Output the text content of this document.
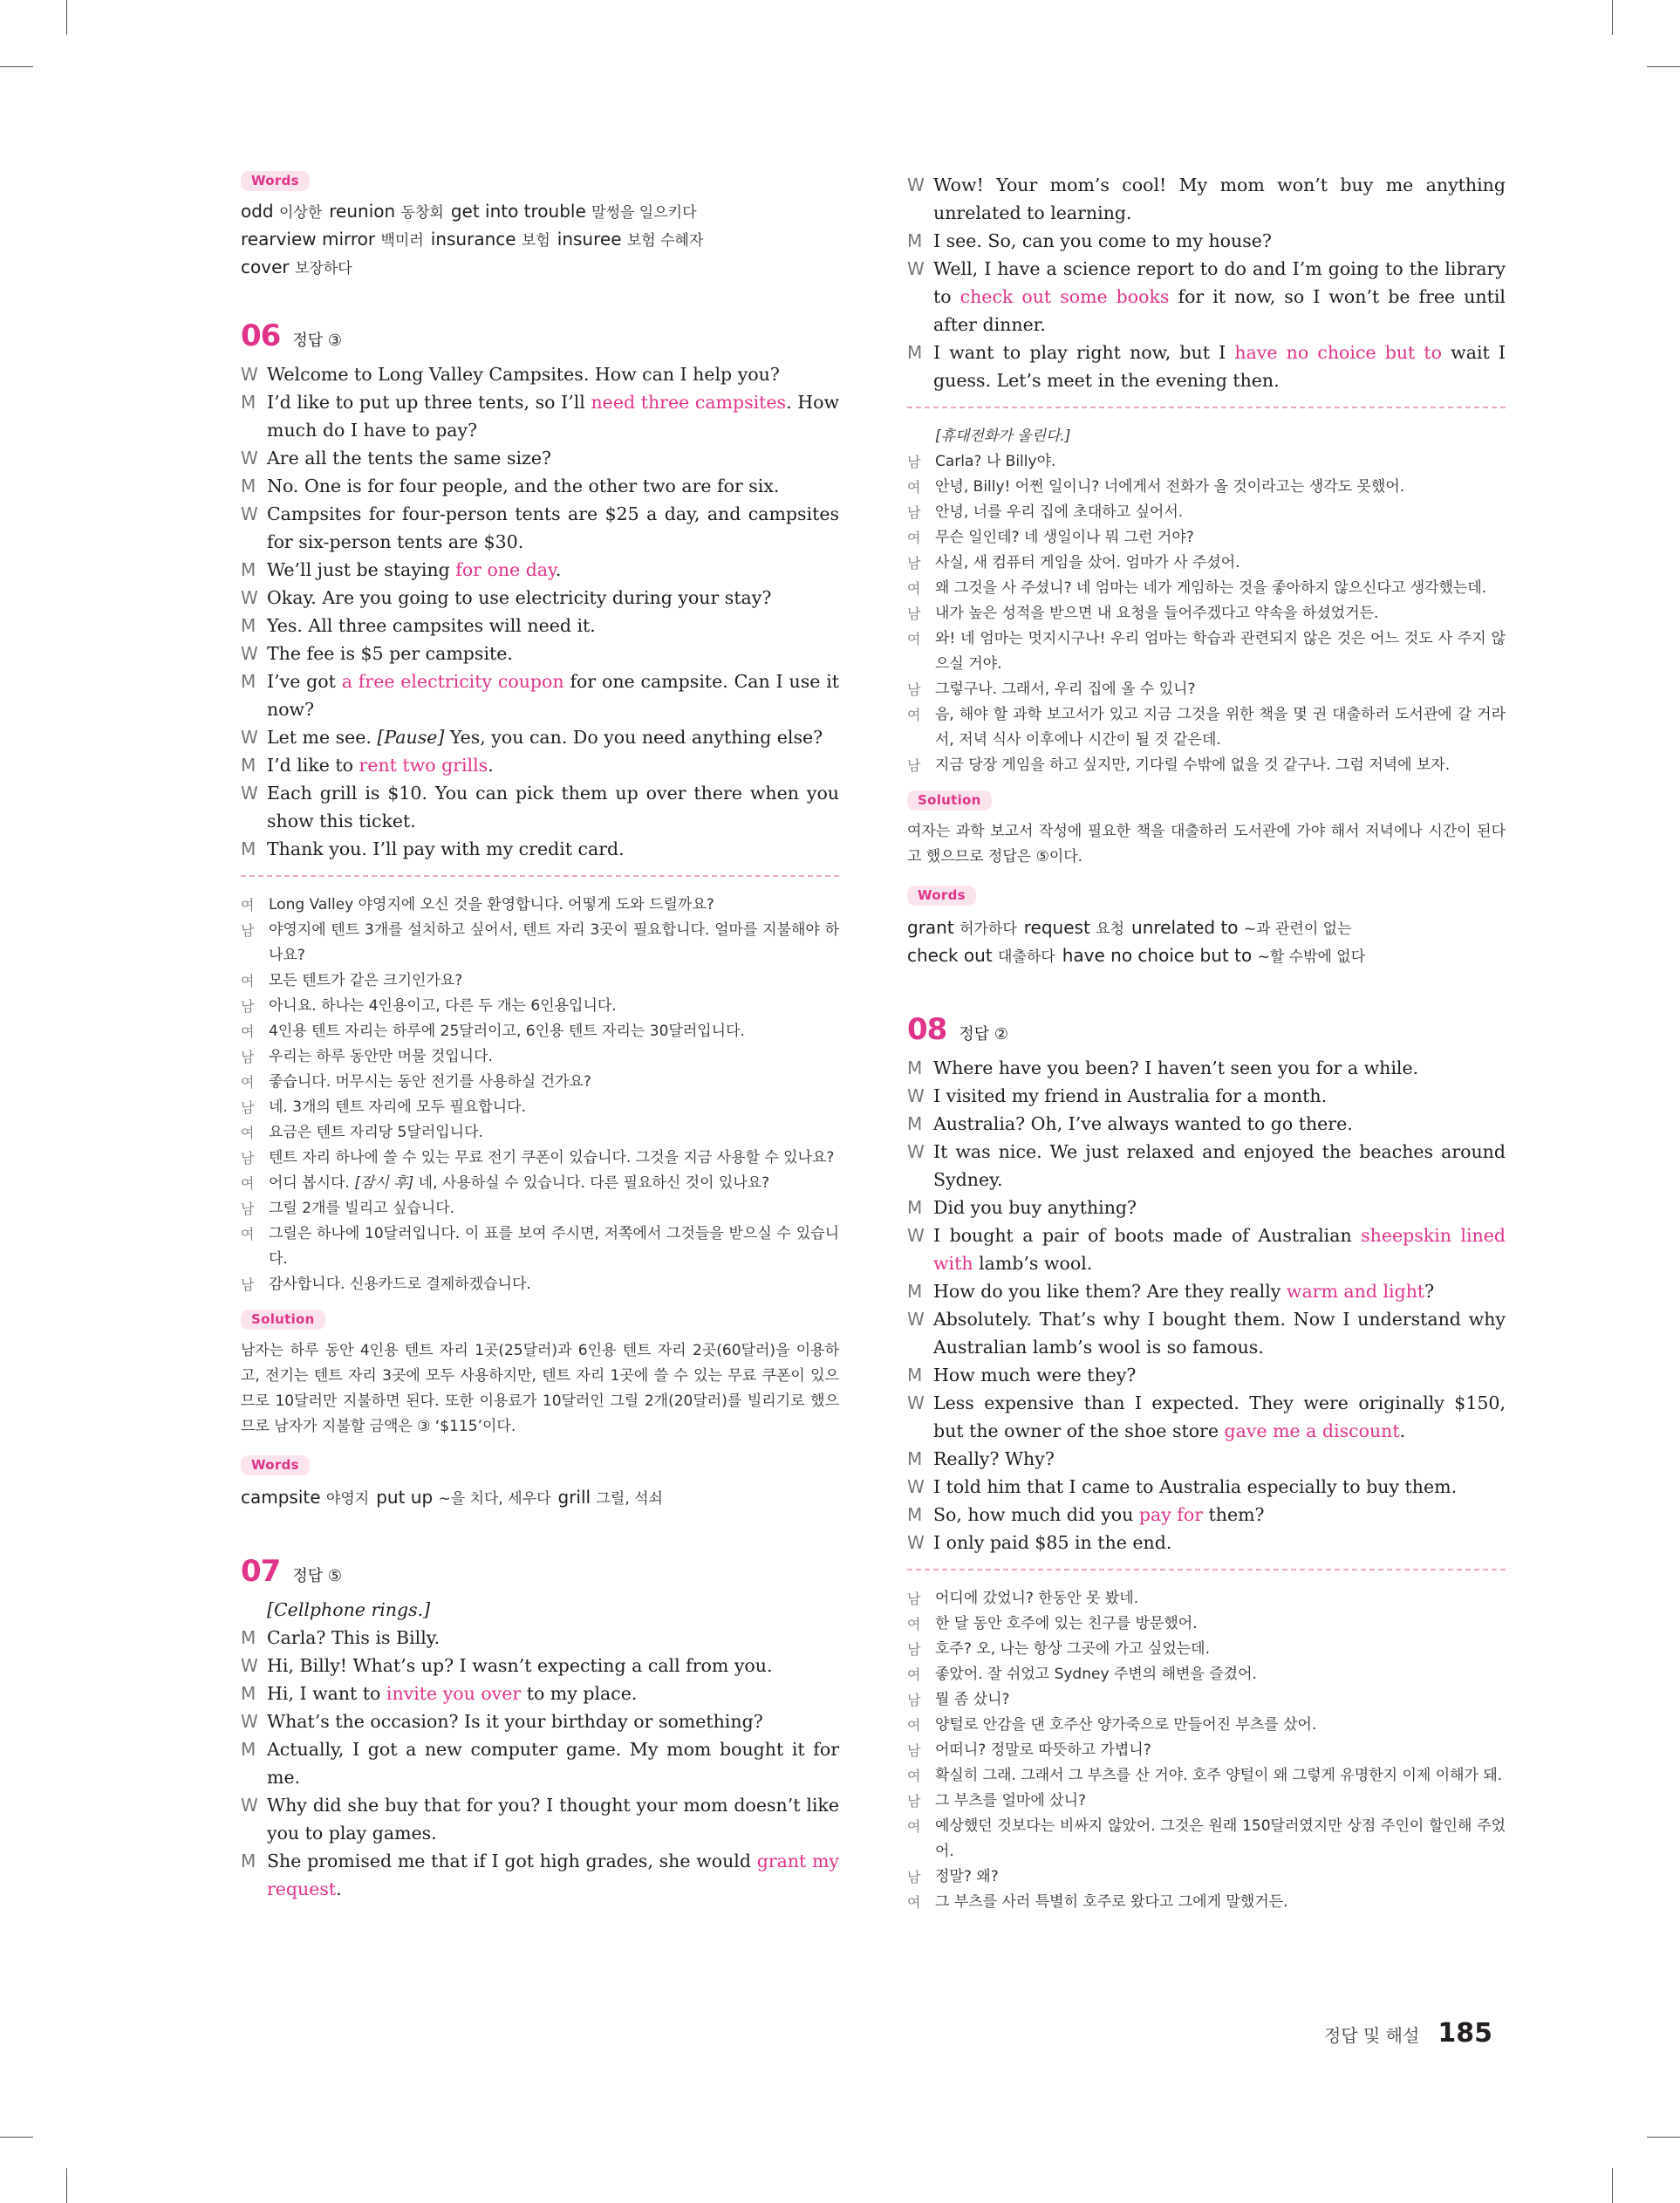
Words
odd 이상한 reunion 동창회 get into trouble 말썽을 일으키다
rearview mirror 백미러 insurance 보험 insuree 보험 수혜자
cover 보장하다
06 정답 ③
W Welcome to Long Valley Campsites. How can I help you?
M I’d like to put up three tents, so I’ll need three campsites. How much do I have to pay?
W Are all the tents the same size?
M No. One is for four people, and the other two are for six.
W Campsites for four-person tents are $25 a day, and campsites for six-person tents are $30.
M We’ll just be staying for one day.
W Okay. Are you going to use electricity during your stay?
M Yes. All three campsites will need it.
W The fee is $5 per campsite.
M I’ve got a free electricity coupon for one campsite. Can I use it now?
W Let me see. [Pause] Yes, you can. Do you need anything else?
M I’d like to rent two grills.
W Each grill is $10. You can pick them up over there when you show this ticket.
M Thank you. I’ll pay with my credit card.
여 Long Valley 야영지에 오신 것을 환영합니다. 어떻게 도와 드릴까요?
남 야영지에 텐트 3개를 설치하고 싶어서, 텐트 자리 3곳이 필요합니다. 얼마를 지불해야 하나요?
여 모든 텐트가 같은 크기인가요?
남 아니요. 하나는 4인용이고, 다른 두 개는 6인용입니다.
여 4인용 텐트 자리는 하루에 25달러이고, 6인용 텐트 자리는 30달러입니다.
남 우리는 하루 동안만 머물 것입니다.
여 좋습니다. 머무시는 동안 전기를 사용하실 건가요?
남 네. 3개의 텐트 자리에 모두 필요합니다.
여 요금은 텐트 자리당 5달러입니다.
남 텐트 자리 하나에 쓸 수 있는 무료 전기 쿠폰이 있습니다. 그것을 지금 사용할 수 있나요?
여 어디 봅시다. [잠시 후] 네, 사용하실 수 있습니다. 다른 필요하신 것이 있나요?
남 그릴 2개를 빌리고 싶습니다.
여 그릴은 하나에 10달러입니다. 이 표를 보여 주시면, 저쪽에서 그것들을 받으실 수 있습니다.
남 감사합니다. 신용카드로 결제하겠습니다.
Solution
남자는 하루 동안 4인용 텐트 자리 1곳(25달러)과 6인용 텐트 자리 2곳(60달러)을 이용하고, 전기는 텐트 자리 3곳에 모두 사용하지만, 텐트 자리 1곳에 쓸 수 있는 무료 쿠폰이 있으므로 10달러만 지불하면 된다. 또한 이용료가 10달러인 그릴 2개(20달러)를 빌리기로 했으므로 남자가 지불할 금액은 ③ ‘$115’이다.
Words
campsite 야영지 put up ~을 치다, 세우다 grill 그릴, 석쇠
07 정답 ⑤
[Cellphone rings.]
M Carla? This is Billy.
W Hi, Billy! What’s up? I wasn’t expecting a call from you.
M Hi, I want to invite you over to my place.
W What’s the occasion? Is it your birthday or something?
M Actually, I got a new computer game. My mom bought it for me.
W Why did she buy that for you? I thought your mom doesn’t like you to play games.
M She promised me that if I got high grades, she would grant my request.
W Wow! Your mom’s cool! My mom won’t buy me anything unrelated to learning.
M I see. So, can you come to my house?
W Well, I have a science report to do and I’m going to the library to check out some books for it now, so I won’t be free until after dinner.
M I want to play right now, but I have no choice but to wait I guess. Let’s meet in the evening then.
[휴대전화가 울린다.]
남 Carla? 나 Billy야.
여 안녕, Billy! 어쩐 일이니? 너에게서 전화가 올 것이라고는 생각도 못했어.
남 안녕, 너를 우리 집에 초대하고 싶어서.
여 무슨 일인데? 네 생일이나 뭐 그런 거야?
남 사실, 새 컴퓨터 게임을 샀어. 엄마가 사 주셨어.
여 왜 그것을 사 주셨니? 네 엄마는 네가 게임하는 것을 좋아하지 않으신다고 생각했는데.
남 내가 높은 성적을 받으면 내 요청을 들어주겠다고 약속을 하셨었거든.
여 와! 네 엄마는 멋지시구나! 우리 엄마는 학습과 관련되지 않은 것은 어느 것도 사 주지 않으실 거야.
남 그렇구나. 그래서, 우리 집에 올 수 있니?
여 음, 해야 할 과학 보고서가 있고 지금 그것을 위한 책을 몇 권 대출하러 도서관에 갈 거라서, 저녁 식사 이후에나 시간이 될 것 같은데.
남 지금 당장 게임을 하고 싶지만, 기다릴 수밖에 없을 것 같구나. 그럼 저녁에 보자.
Solution
여자는 과학 보고서 작성에 필요한 책을 대출하러 도서관에 가야 해서 저녁에나 시간이 된다고 했으므로 정답은 ⑤이다.
Words
grant 허가하다 request 요청 unrelated to ~과 관련이 없는
check out 대출하다 have no choice but to ~할 수밖에 없다
08 정답 ②
M Where have you been? I haven’t seen you for a while.
W I visited my friend in Australia for a month.
M Australia? Oh, I’ve always wanted to go there.
W It was nice. We just relaxed and enjoyed the beaches around Sydney.
M Did you buy anything?
W I bought a pair of boots made of Australian sheepskin lined with lamb’s wool.
M How do you like them? Are they really warm and light?
W Absolutely. That’s why I bought them. Now I understand why Australian lamb’s wool is so famous.
M How much were they?
W Less expensive than I expected. They were originally $150, but the owner of the shoe store gave me a discount.
M Really? Why?
W I told him that I came to Australia especially to buy them.
M So, how much did you pay for them?
W I only paid $85 in the end.
남 어디에 갔었니? 한동안 못 봤네.
여 한 달 동안 호주에 있는 친구를 방문했어.
남 호주? 오, 나는 항상 그곳에 가고 싶었는데.
여 좋았어. 잘 쉬었고 Sydney 주변의 해변을 즐겼어.
남 뭘 좀 샀니?
여 양털로 안감을 댄 호주산 양가죽으로 만들어진 부츠를 샀어.
남 어떠니? 정말로 따뜻하고 가볍니?
여 확실히 그래. 그래서 그 부츠를 산 거야. 호주 양털이 왜 그렇게 유명한지 이제 이해가 돼.
남 그 부츠를 얼마에 샀니?
여 예상했던 것보다는 비싸지 않았어. 그것은 원래 150달러였지만 상점 주인이 할인해 주었어.
남 정말? 왜?
여 그 부츠를 사러 특별히 호주로 왔다고 그에게 말했거든.
정답 및 해설 185
